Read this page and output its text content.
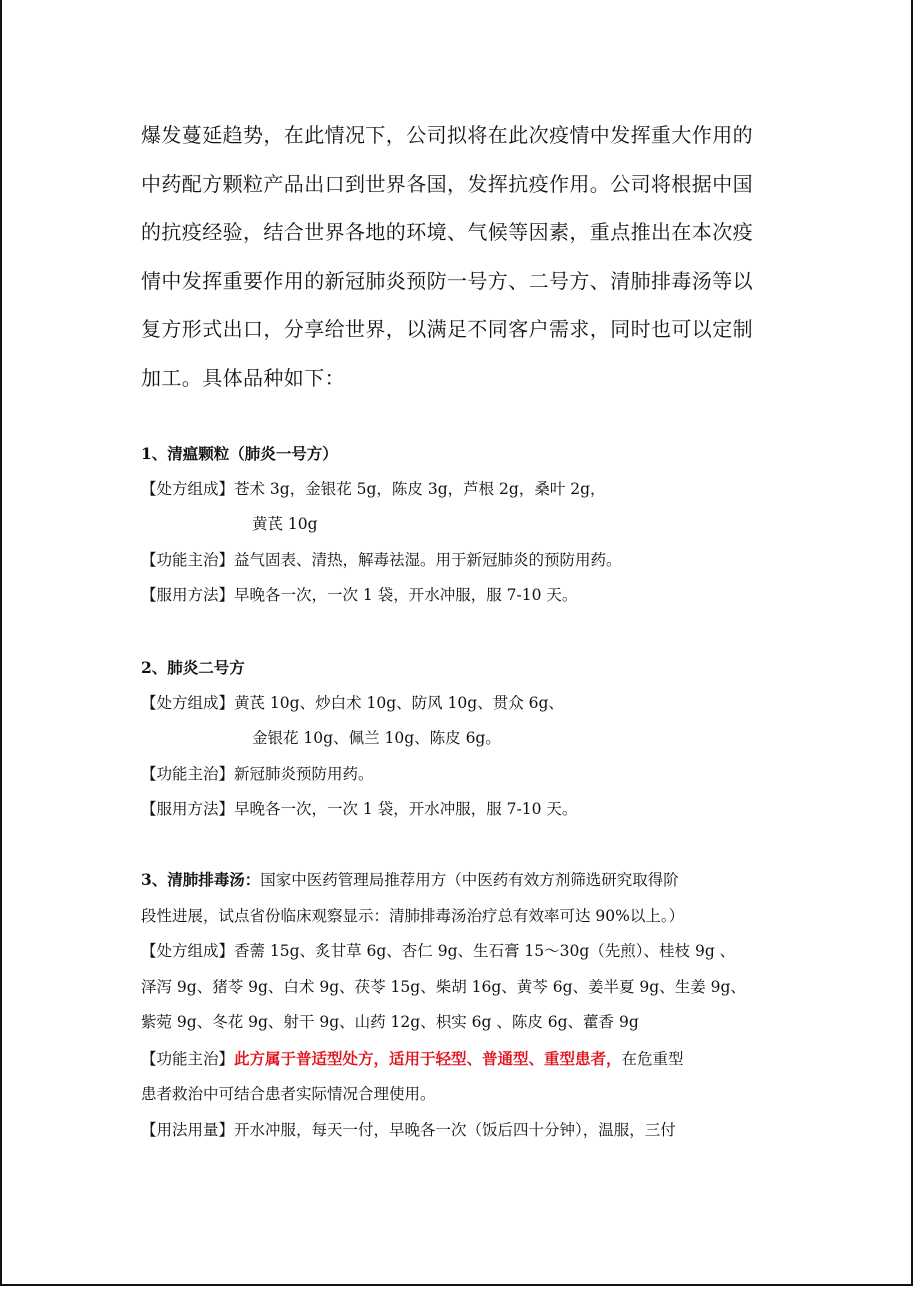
爆发蔓延趋势，在此情况下，公司拟将在此次疫情中发挥重大作用的

中药配方颗粒产品出口到世界各国，发挥抗疫作用。公司将根据中国

的抗疫经验，结合世界各地的环境、气候等因素，重点推出在本次疫

情中发挥重要作用的新冠肺炎预防一号方、二号方、清肺排毒汤等以

复方形式出口，分享给世界，以满足不同客户需求，同时也可以定制

加工。具体品种如下：

1、清瘟颗粒（肺炎一号方）

【处方组成】苍术 3g，金银花 5g，陈皮 3g，芦根 2g，桑叶 2g，

黄芪 10g

【功能主治】益气固表、清热，解毒祛湿。用于新冠肺炎的预防用药。

【服用方法】早晚各一次，一次 1 袋，开水冲服，服 7-10 天。

2、肺炎二号方

【处方组成】黄芪 10g、炒白术 10g、防风 10g、贯众 6g、

金银花 10g、佩兰 10g、陈皮 6g。

【功能主治】新冠肺炎预防用药。

【服用方法】早晚各一次，一次 1 袋，开水冲服，服 7-10 天。

3、清肺排毒汤：国家中医药管理局推荐用方（中医药有效方剂筛选研究取得阶

段性进展，试点省份临床观察显示：清肺排毒汤治疗总有效率可达 90%以上。）

【处方组成】香薷 15g、炙甘草 6g、杏仁 9g、生石膏 15～30g（先煎）、桂枝 9g 、

泽泻 9g、猪苓 9g、白术 9g、茯苓 15g、柴胡 16g、黄芩 6g、姜半夏 9g、生姜 9g、

紫菀 9g、冬花 9g、射干 9g、山药 12g、枳实 6g 、陈皮 6g、藿香 9g

【功能主治】此方属于普适型处方，适用于轻型、普通型、重型患者，在危重型

患者救治中可结合患者实际情况合理使用。

【用法用量】开水冲服，每天一付，早晚各一次（饭后四十分钟），温服，三付
